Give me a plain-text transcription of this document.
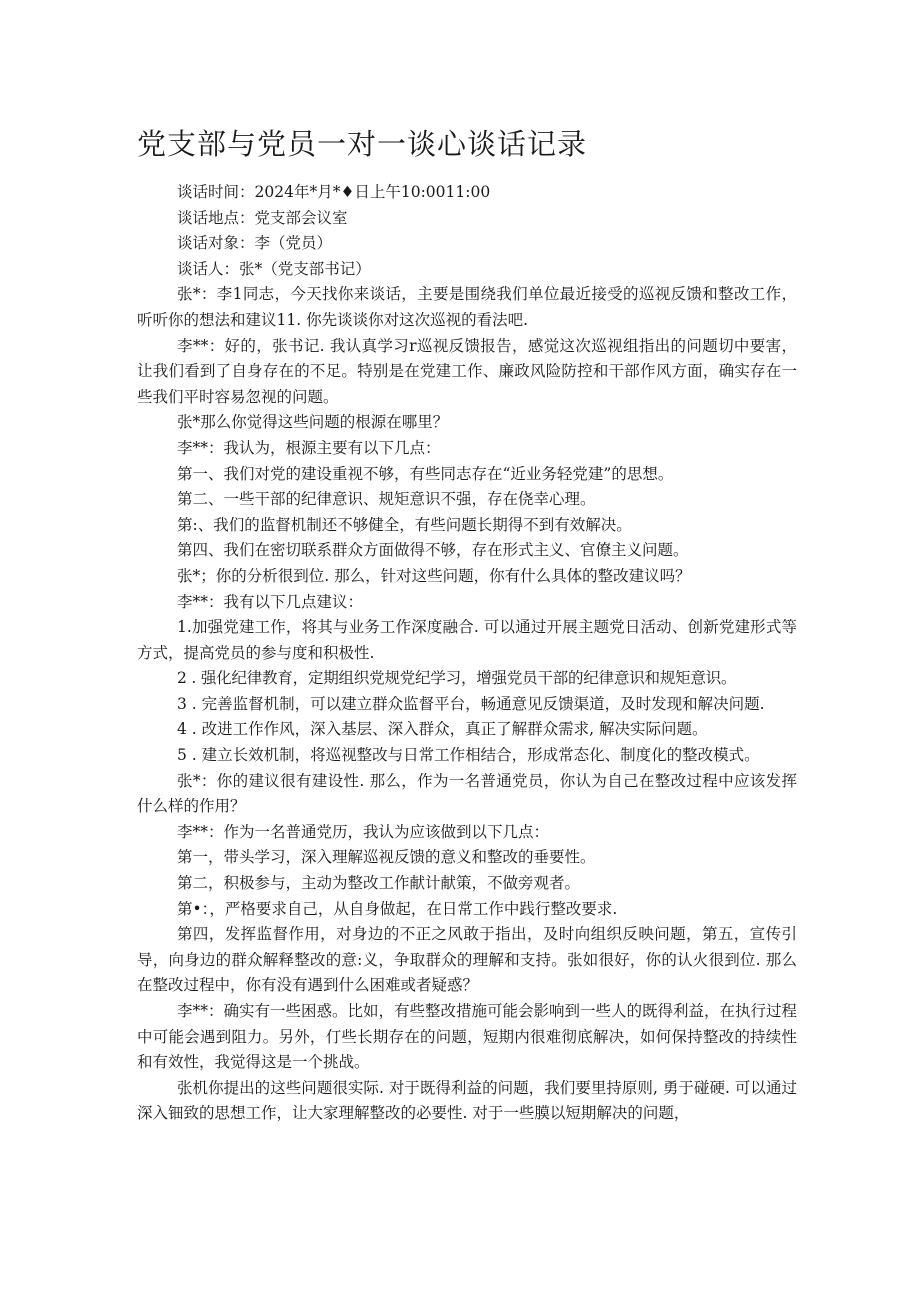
党支部与党员一对一谈心谈话记录

谈话时间：2024年*月*♦日上午10:0011:00

谈话地点：党支部会议室

谈话对象：李（党员）

谈话人：张*（党支部书记）

张*：李1同志，今天找你来谈话，主要是围绕我们单位最近接受的巡视反馈和整改工作，听听你的想法和建议11. 你先谈谈你对这次巡视的看法吧.

李**：好的，张书记. 我认真学习r巡视反馈报告，感觉这次巡视组指出的问题切中要害，让我们看到了自身存在的不足。特别是在党建工作、廉政风险防控和干部作风方面，确实存在一些我们平时容易忽视的问题。

张*那么你觉得这些问题的根源在哪里？

李**：我认为，根源主要有以下几点：

第一、我们对党的建设重视不够，有些同志存在“近业务轻党建”的思想。

第二、一些干部的纪律意识、规矩意识不强，存在侥幸心理。

第:、我们的监督机制还不够健全，有些问题长期得不到有效解决。

第四、我们在密切联系群众方面做得不够，存在形式主义、官僚主义问题。

张*；你的分析很到位. 那么，针对这些问题，你有什么具体的整改建议吗？

李**：我有以下几点建议：

1.加强党建工作，将其与业务工作深度融合. 可以通过开展主题党日活动、创新党建形式等方式，提高党员的参与度和积极性.

2 . 强化纪律教育，定期组织党规党纪学习，增强党员干部的纪律意识和规矩意识。

3 . 完善监督机制，可以建立群众监督平台，畅通意见反馈渠道，及时发现和解决问题.

4 . 改进工作作风，深入基层、深入群众，真正了解群众需求, 解决实际问题。

5 . 建立长效机制，将巡视整改与日常工作相结合，形成常态化、制度化的整改模式。

张*：你的建议很有建设性. 那么，作为一名普通党员，你认为自己在整改过程中应该发挥什么样的作用？

李**：作为一名普通党历，我认为应该做到以下几点：

第一，带头学习，深入理解巡视反馈的意义和整改的垂要性。

第二，积极参与，主动为整改工作献计献策，不做旁观者。

第•：，严格要求自己，从自身做起，在日常工作中践行整改要求.

第四，发挥监督作用，对身边的不正之风敢于指出，及时向组织反映问题，第五，宣传引导，向身边的群众解释整改的意:义，争取群众的理解和支持。张如很好，你的认火很到位. 那么在整改过程中，你有没有遇到什么困难或者疑惑？

李**：确实有一些困惑。比如，有些整改措施可能会影响到一些人的既得利益，在执行过程中可能会遇到阻力。另外，仃些长期存在的问题，短期内很难彻底解决，如何保持整改的持续性和有效性，我觉得这是一个挑战。

张机你提出的这些问题很实际. 对于既得利益的问题，我们要里持原则, 勇于碰硬. 可以通过深入钿致的思想工作，让大家理解整改的必要性. 对于一些膜以短期解决的问题，
